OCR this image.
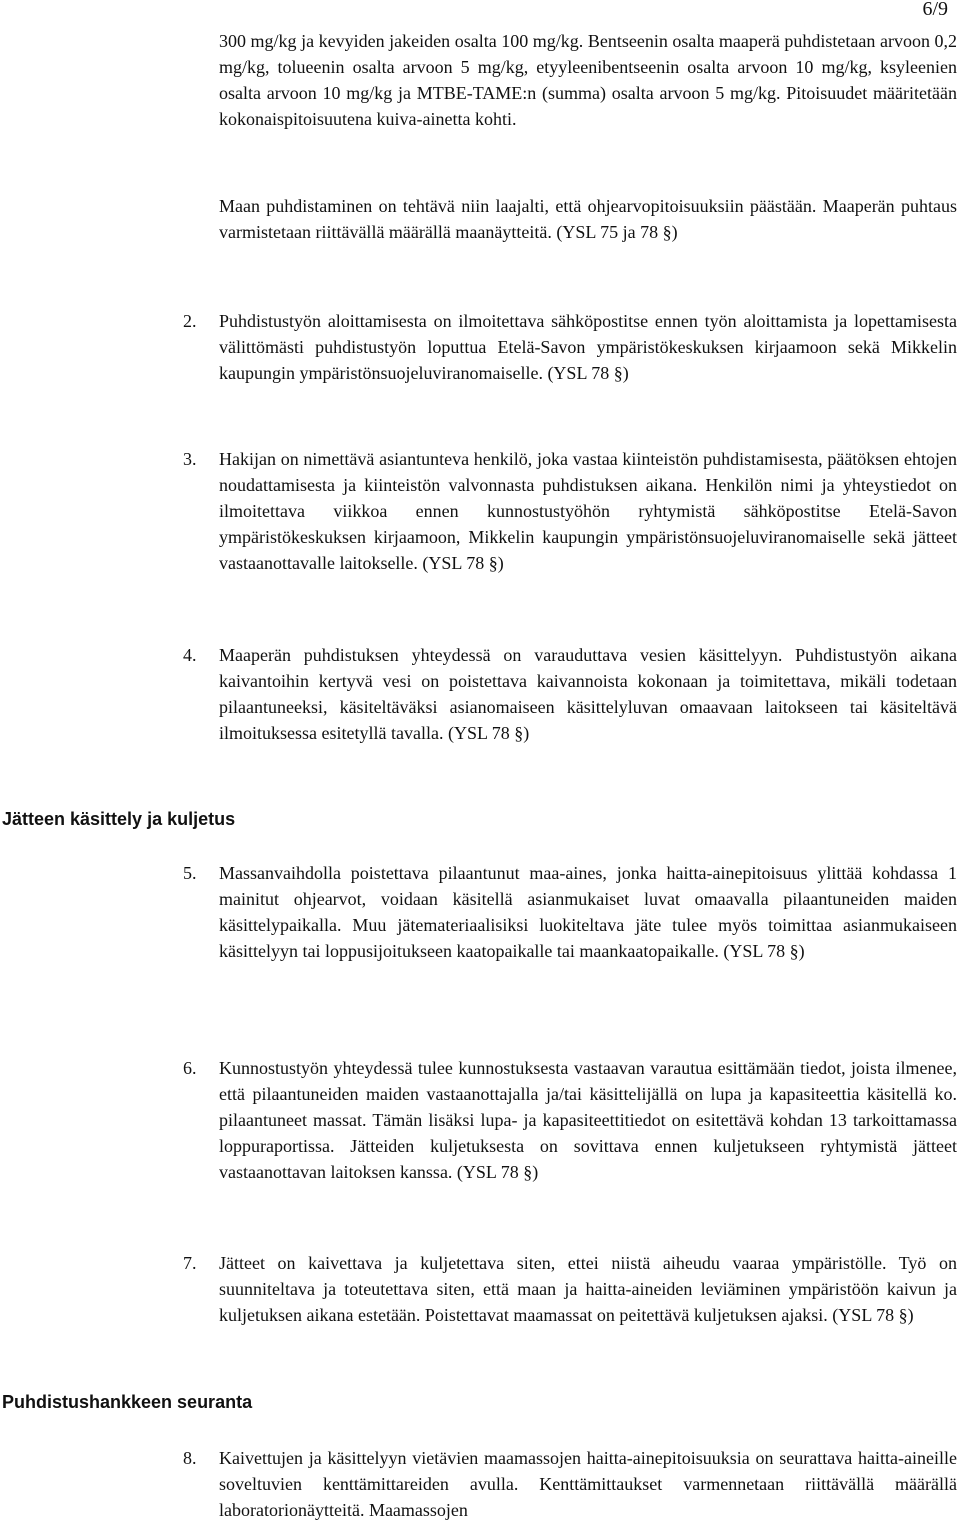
6/9

300 mg/kg ja kevyiden jakeiden osalta 100 mg/kg. Bentseenin osalta maaperä puhdistetaan arvoon 0,2 mg/kg, tolueenin osalta arvoon 5 mg/kg, etyyleenibentseenin osalta arvoon 10 mg/kg, ksyleenien osalta arvoon 10 mg/kg ja MTBE-TAME:n (summa) osalta arvoon 5 mg/kg. Pitoisuudet määritetään kokonaispitoisuutena kuiva-ainetta kohti.

Maan puhdistaminen on tehtävä niin laajalti, että ohjearvopitoisuuksiin päästään. Maaperän puhtaus varmistetaan riittävällä määrällä maanäytteitä. (YSL 75 ja 78 §)

2.	Puhdistustyön aloittamisesta on ilmoitettava sähköpostitse ennen työn aloittamista ja lopettamisesta välittömästi puhdistustyön loputtua Etelä-Savon ympäristökeskuksen kirjaamoon sekä Mikkelin kaupungin ympäristönsuojeluviranomaiselle. (YSL 78 §)
3.	Hakijan on nimettävä asiantunteva henkilö, joka vastaa kiinteistön puhdistamisesta, päätöksen ehtojen noudattamisesta ja kiinteistön valvonnasta puhdistuksen aikana. Henkilön nimi ja yhteystiedot on ilmoitettava viikkoa ennen kunnostustyöhön ryhtymistä sähköpostitse Etelä-Savon ympäristökeskuksen kirjaamoon, Mikkelin kaupungin ympäristönsuojeluviranomaiselle sekä jätteet vastaanottavalle laitokselle. (YSL 78 §)
4.	Maaperän puhdistuksen yhteydessä on varauduttava vesien käsittelyyn. Puhdistustyön aikana kaivantoihin kertyvä vesi on poistettava kaivannoista kokonaan ja toimitettava, mikäli todetaan pilaantuneeksi, käsiteltäväksi asianomaiseen käsittelyluvan omaavaan laitokseen tai käsiteltävä ilmoituksessa esitetyllä tavalla. (YSL 78 §)
Jätteen käsittely ja kuljetus
5.	Massanvaihdolla poistettava pilaantunut maa-aines, jonka haitta-ainepitoisuus ylittää kohdassa 1 mainitut ohjearvot, voidaan käsitellä asianmukaiset luvat omaavalla pilaantuneiden maiden käsittelypaikalla. Muu jätemateriaalisiksi luokiteltava jäte tulee myös toimittaa asianmukaiseen käsittelyyn tai loppusijoitukseen kaatopaikalle tai maankaatopaikalle. (YSL 78 §)
6.	Kunnostustyön yhteydessä tulee kunnostuksesta vastaavan varautua esittämään tiedot, joista ilmenee, että pilaantuneiden maiden vastaanottajalla ja/tai käsittelijällä on lupa ja kapasiteettia käsitellä ko. pilaantuneet massat. Tämän lisäksi lupa- ja kapasiteettitiedot on esitettävä kohdan 13 tarkoittamassa loppuraportissa. Jätteiden kuljetuksesta on sovittava ennen kuljetukseen ryhtymistä jätteet vastaanottavan laitoksen kanssa. (YSL 78 §)
7.	Jätteet on kaivettava ja kuljetettava siten, ettei niistä aiheudu vaaraa ympäristölle. Työ on suunniteltava ja toteutettava siten, että maan ja haitta-aineiden leviäminen ympäristöön kaivun ja kuljetuksen aikana estetään. Poistettavat maamassat on peitettävä kuljetuksen ajaksi. (YSL 78 §)
Puhdistushankkeen seuranta
8.	Kaivettujen ja käsittelyyn vietävien maamassojen haitta-ainepitoisuuksia on seurattava haitta-aineille soveltuvien kenttämittareiden avulla. Kenttämittaukset varmennetaan riittävällä määrällä laboratorionäytteitä. Maamassojen
